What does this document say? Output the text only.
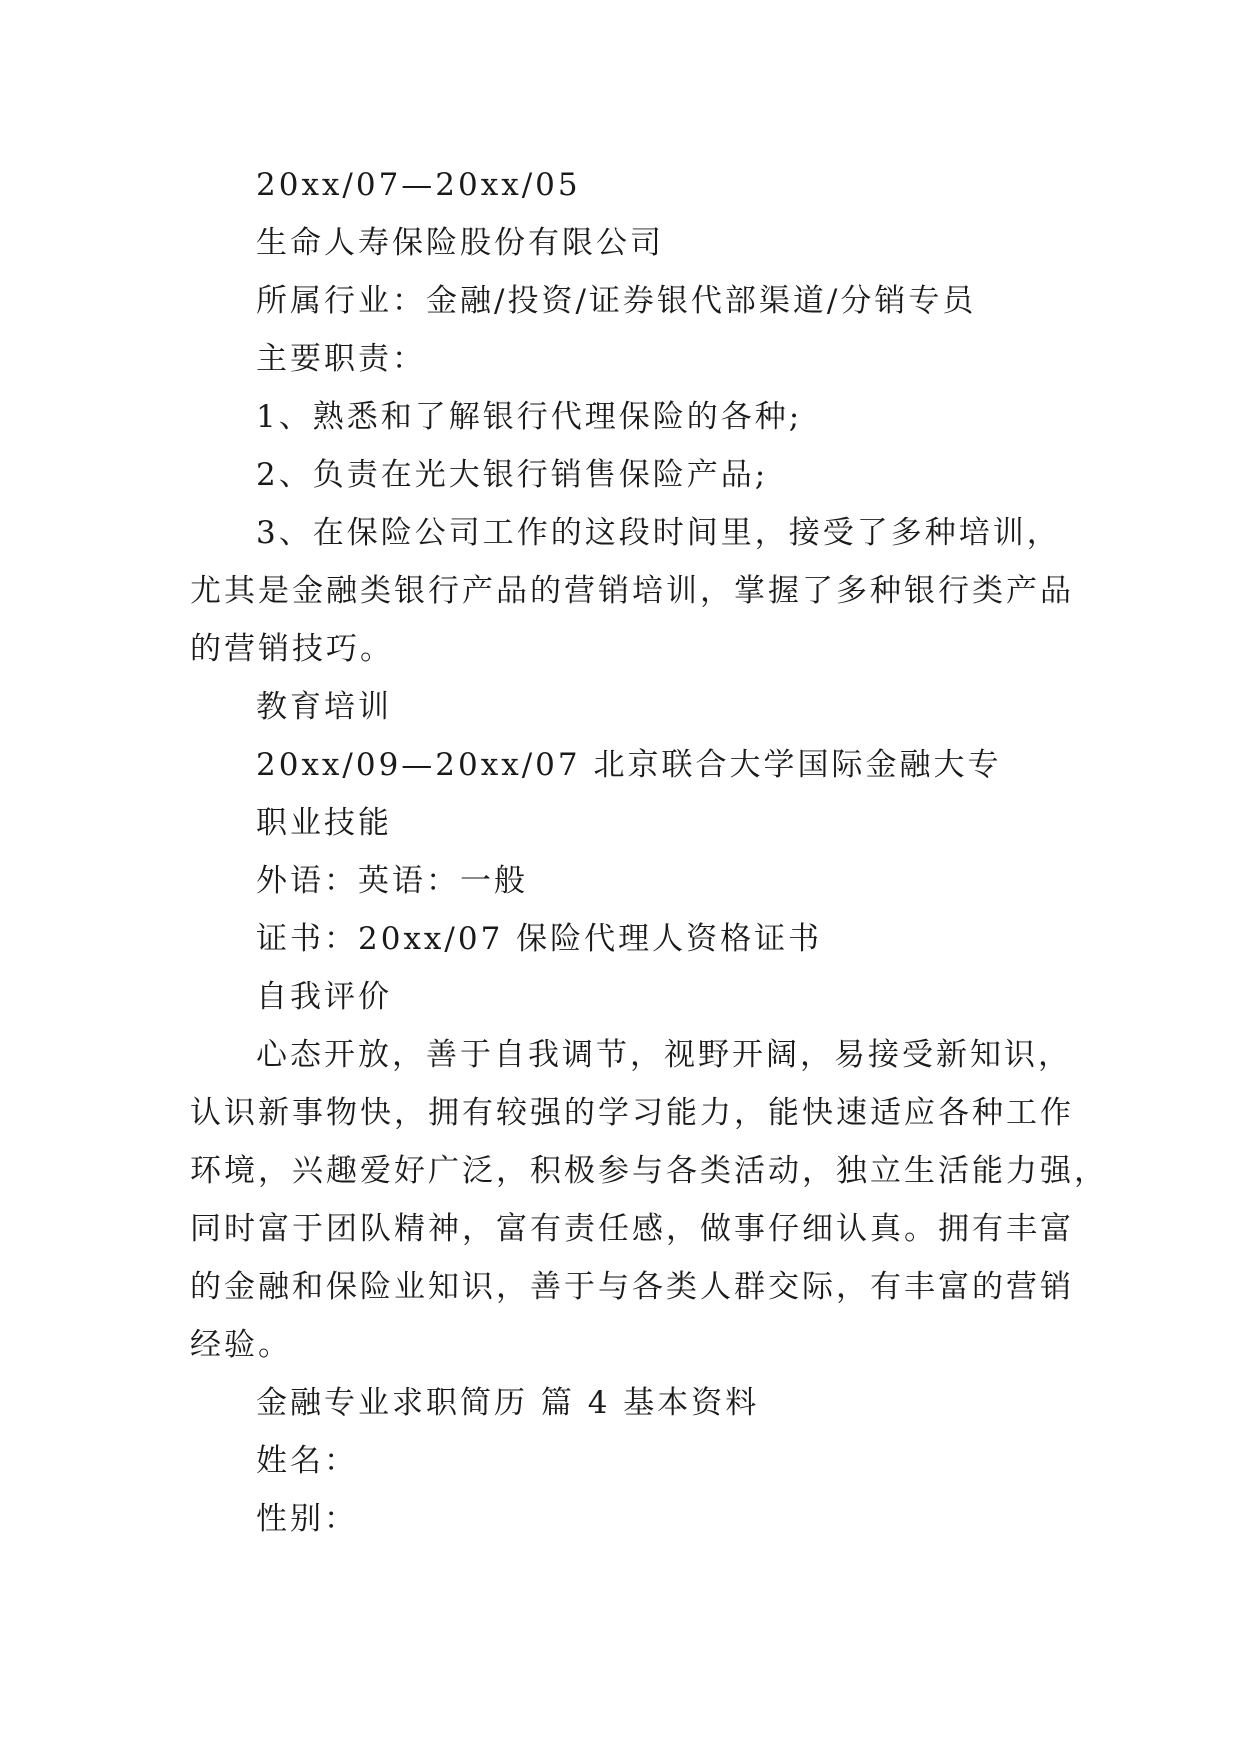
20xx/07—20xx/05
生命人寿保险股份有限公司
所属行业：金融/投资/证券银代部渠道/分销专员
主要职责：
1、熟悉和了解银行代理保险的各种;
2、负责在光大银行销售保险产品;
3、在保险公司工作的这段时间里，接受了多种培训，
尤其是金融类银行产品的营销培训，掌握了多种银行类产品
的营销技巧。
教育培训
20xx/09—20xx/07 北京联合大学国际金融大专
职业技能
外语：英语：一般
证书：20xx/07 保险代理人资格证书
自我评价
心态开放，善于自我调节，视野开阔，易接受新知识，
认识新事物快，拥有较强的学习能力，能快速适应各种工作
环境，兴趣爱好广泛，积极参与各类活动，独立生活能力强，
同时富于团队精神，富有责任感，做事仔细认真。拥有丰富
的金融和保险业知识，善于与各类人群交际，有丰富的营销
经验。
金融专业求职简历 篇 4 基本资料
姓名：
性别：
